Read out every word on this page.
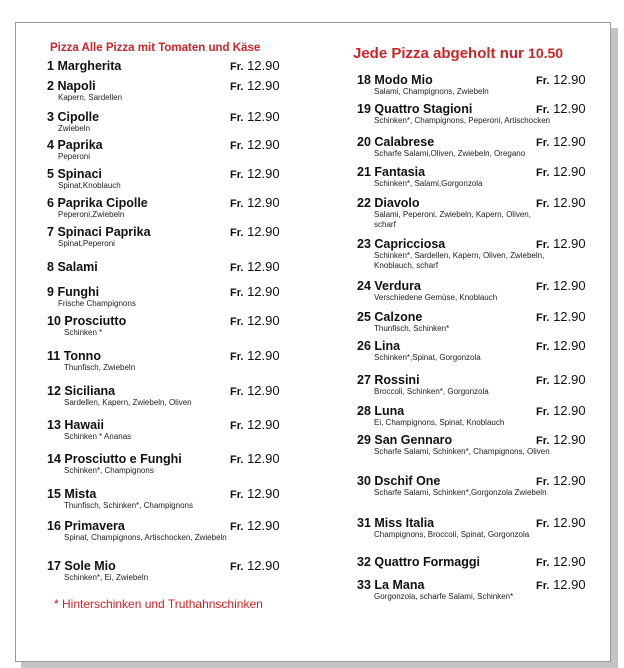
Pizza Alle Pizza mit Tomaten und Käse
1 Margherita	Fr. 12.90
2 Napoli
Kapern, Sardellen
Fr. 12.90
3 Cipolle
Zwiebeln
Fr. 12.90
4 Paprika
Peperoni
Fr. 12.90
5 Spinaci
Spinat,Knoblauch
Fr. 12.90
6 Paprika Cipolle
Peperoni,Zwiebeln
Fr. 12.90
7 Spinaci Paprika
Spinat,Peperoni
Fr. 12.90
8 Salami	Fr. 12.90
9 Funghi
Frische Champignons
Fr. 12.90
10 Prosciutto
Schinken *
Fr. 12.90
11 Tonno
Thunfisch, Zwiebeln
Fr. 12.90
12 Siciliana
Sardellen, Kapern, Zwiebeln, Oliven
Fr. 12.90
13 Hawaii
Schinken * Ananas
Fr. 12.90
14 Prosciutto e Funghi
Schinken*, Champignons
Fr. 12.90
15 Mista
Thunfisch, Schinken*, Champignons
Fr. 12.90
16 Primavera
Spinat, Champignons, Artischocken, Zwiebeln
Fr. 12.90
17 Sole Mio
Schinken*, Ei, Zwiebeln
Fr. 12.90
* Hinterschinken und Truthahnschinken
Jede Pizza abgeholt nur 10.50
18 Modo Mio
Salami, Champignons, Zwiebeln
Fr. 12.90
19 Quattro Stagioni
Schinken*, Champignons, Peperoni, Artischocken
Fr. 12.90
20 Calabrese
Scharfe Salami,Oliven, Zwiebeln, Oregano
Fr. 12.90
21 Fantasia
Schinken*, Salami,Gorgonzola
Fr. 12.90
22 Diavolo
Salami, Peperoni, Zwiebeln, Kapern, Oliven, scharf
Fr. 12.90
23 Capricciosa
Schinken*, Sardellen, Kapern, Oliven, Zwiebeln, Knoblauch, scharf
Fr. 12.90
24 Verdura
Verschiedene Gemüse, Knoblauch
Fr. 12.90
25 Calzone
Thunfisch, Schinken*
Fr. 12.90
26 Lina
Schinken*,Spinat, Gorgonzola
Fr. 12.90
27 Rossini
Broccoli, Schinken*, Gorgonzola
Fr. 12.90
28 Luna
Ei, Champignons, Spinat, Knoblauch
Fr. 12.90
29 San Gennaro
Scharfe Salami, Schinken*, Champignons, Oliven
Fr. 12.90
30 Dschif One
Scharfe Salami, Schinken*,Gorgonzola Zwiebeln
Fr. 12.90
31 Miss Italia
Champignons, Broccoli, Spinat, Gorgonzola
Fr. 12.90
32 Quattro Formaggi	Fr. 12.90
33 La Mana
Gorgonzola, scharfe Salami, Schinken*
Fr. 12.90
